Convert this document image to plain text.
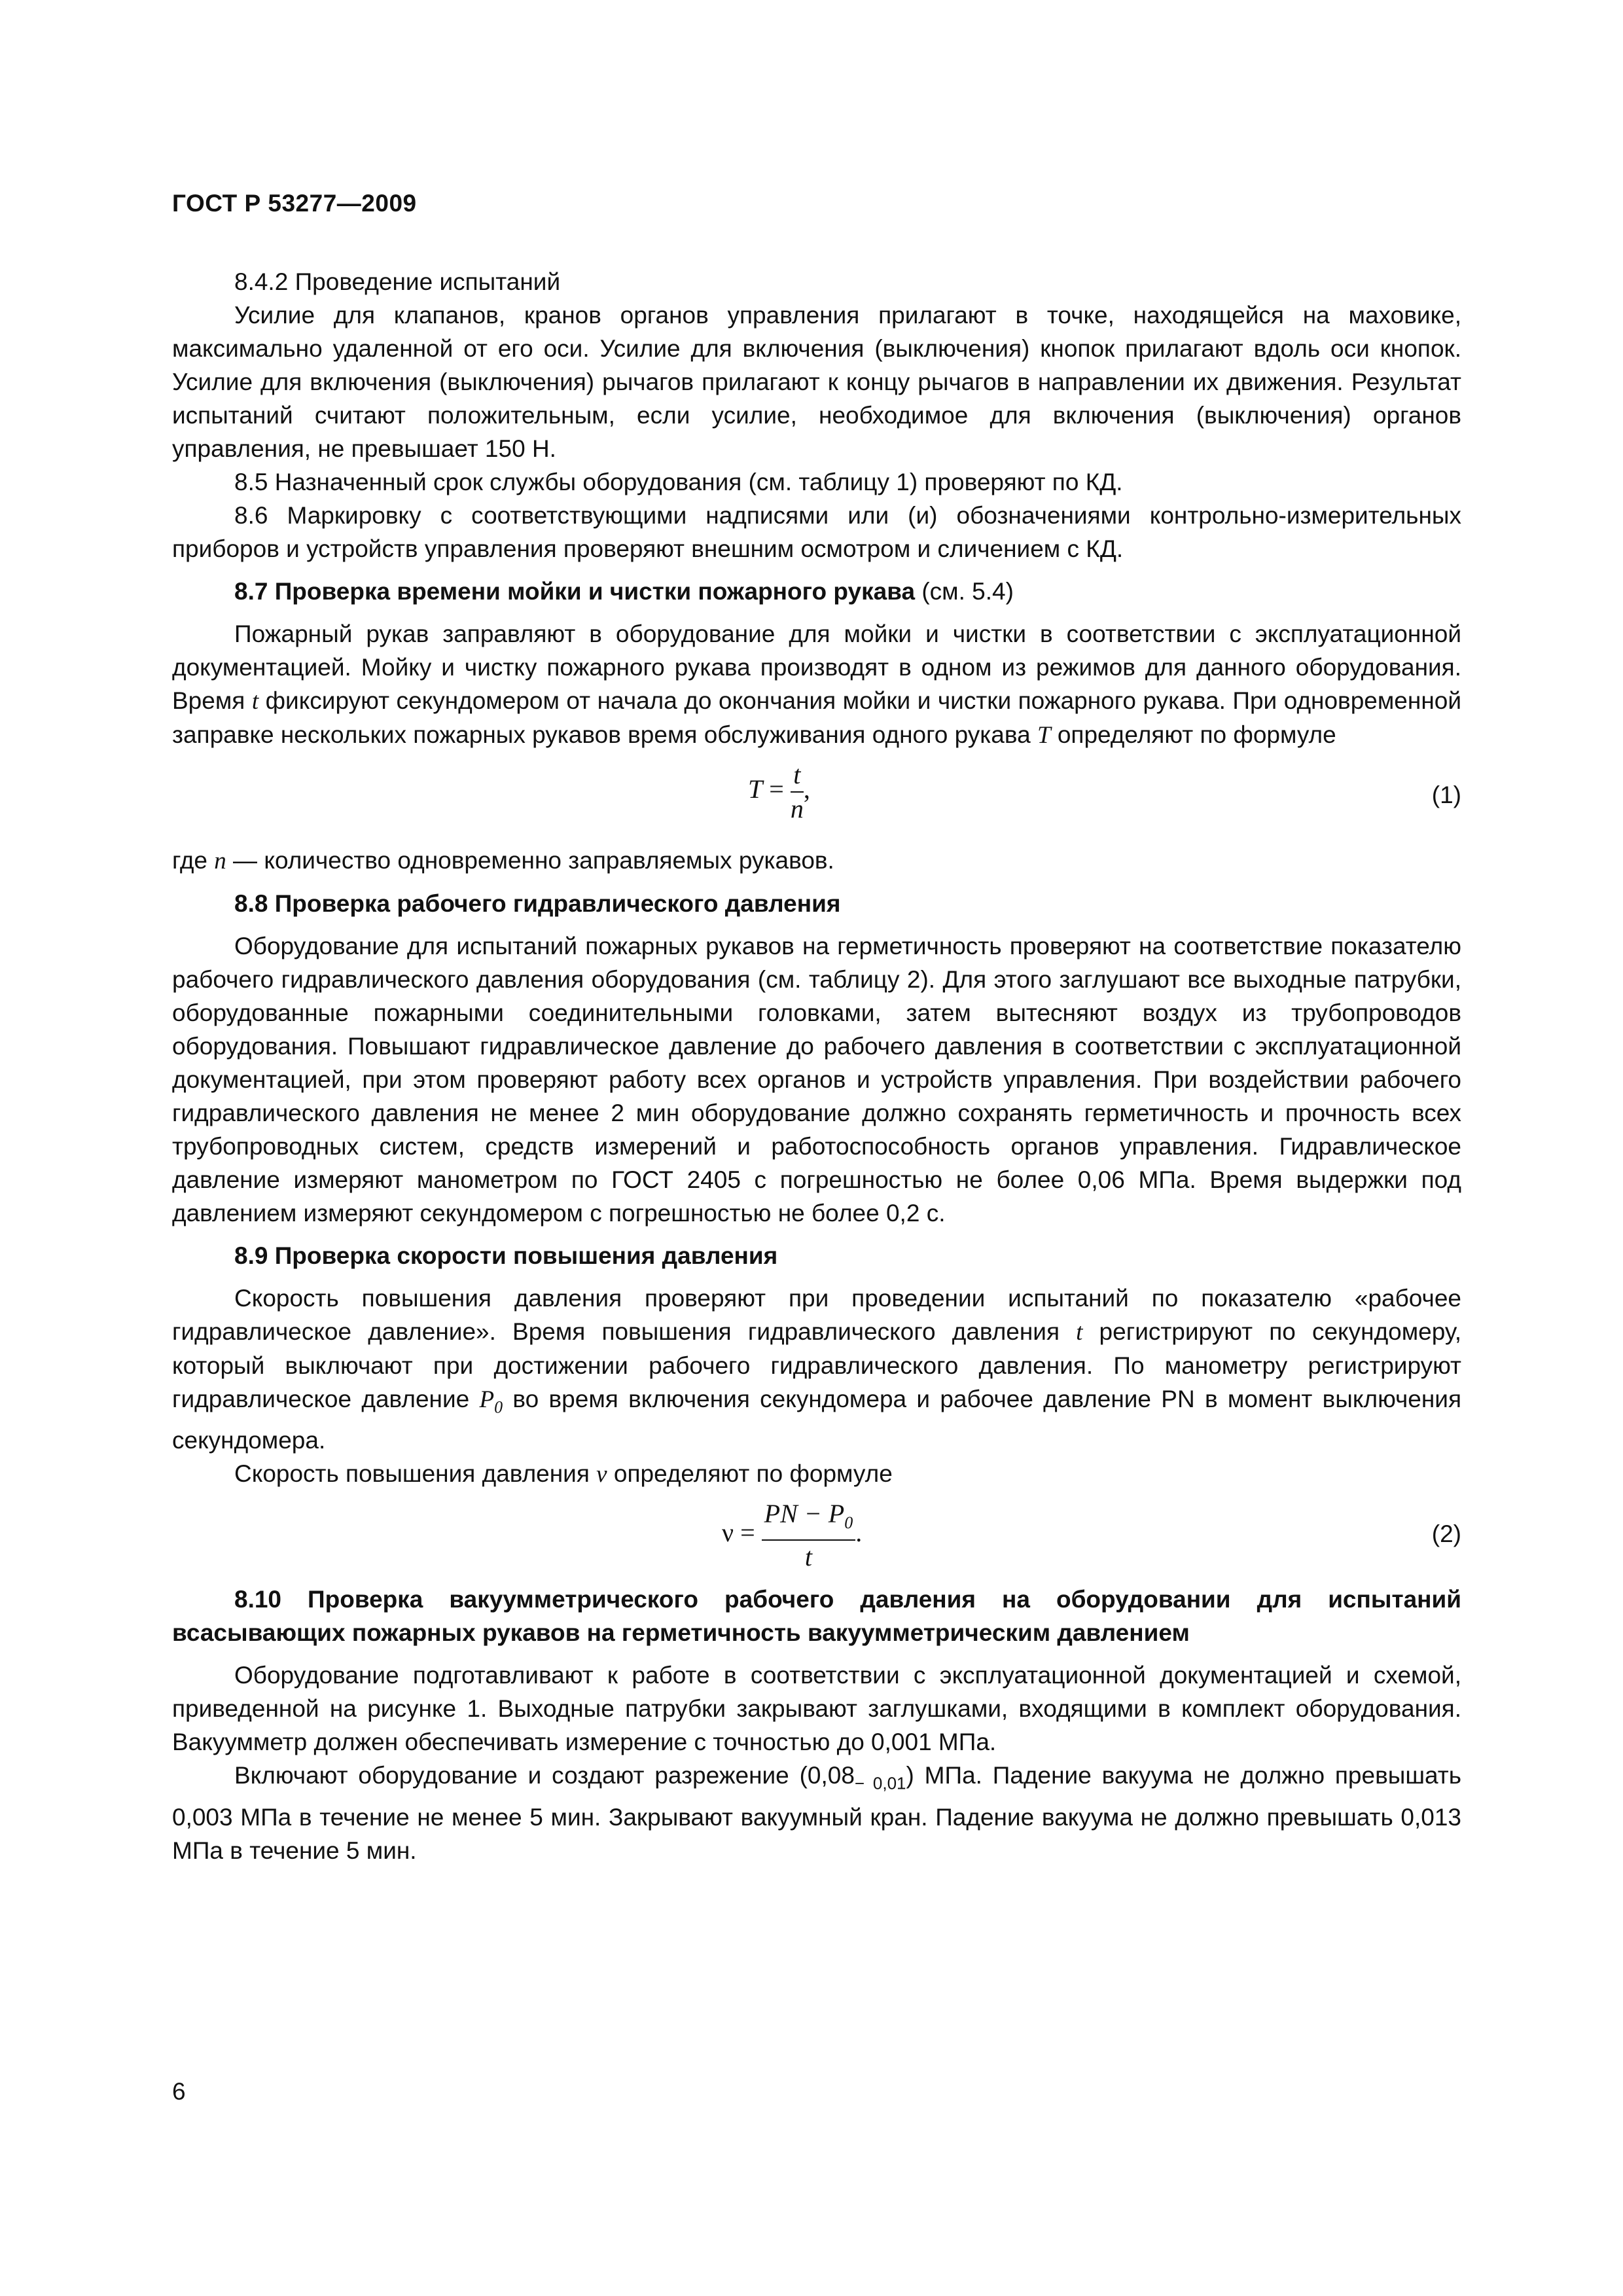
ГОСТ Р 53277—2009

8.4.2 Проведение испытаний

Усилие для клапанов, кранов органов управления прилагают в точке, находящейся на маховике, максимально удаленной от его оси. Усилие для включения (выключения) кнопок прилагают вдоль оси кнопок. Усилие для включения (выключения) рычагов прилагают к концу рычагов в направлении их движения. Результат испытаний считают положительным, если усилие, необходимое для включения (выключения) органов управления, не превышает 150 Н.

8.5 Назначенный срок службы оборудования (см. таблицу 1) проверяют по КД.

8.6 Маркировку с соответствующими надписями или (и) обозначениями контрольно-измерительных приборов и устройств управления проверяют внешним осмотром и сличением с КД.

8.7 Проверка времени мойки и чистки пожарного рукава (см. 5.4)

Пожарный рукав заправляют в оборудование для мойки и чистки в соответствии с эксплуатационной документацией. Мойку и чистку пожарного рукава производят в одном из режимов для данного оборудования. Время t фиксируют секундомером от начала до окончания мойки и чистки пожарного рукава. При одновременной заправке нескольких пожарных рукавов время обслуживания одного рукава T определяют по формуле

$T = \frac{t}{n}$ ,	(1)

где n — количество одновременно заправляемых рукавов.

8.8 Проверка рабочего гидравлического давления

Оборудование для испытаний пожарных рукавов на герметичность проверяют на соответствие показателю рабочего гидравлического давления оборудования (см. таблицу 2). Для этого заглушают все выходные патрубки, оборудованные пожарными соединительными головками, затем вытесняют воздух из трубопроводов оборудования. Повышают гидравлическое давление до рабочего давления в соответствии с эксплуатационной документацией, при этом проверяют работу всех органов и устройств управления. При воздействии рабочего гидравлического давления не менее 2 мин оборудование должно сохранять герметичность и прочность всех трубопроводных систем, средств измерений и работоспособность органов управления. Гидравлическое давление измеряют манометром по ГОСТ 2405 с погрешностью не более 0,06 МПа. Время выдержки под давлением измеряют секундомером с погрешностью не более 0,2 с.

8.9 Проверка скорости повышения давления

Скорость повышения давления проверяют при проведении испытаний по показателю «рабочее гидравлическое давление». Время повышения гидравлического давления t регистрируют по секундомеру, который выключают при достижении рабочего гидравлического давления. По манометру регистрируют гидравлическое давление $P_0$ во время включения секундомера и рабочее давление PN в момент выключения секундомера.

Скорость повышения давления ν определяют по формуле

$\nu = \frac{PN - P_0}{t}$ .	(2)

8.10 Проверка вакуумметрического рабочего давления на оборудовании для испытаний всасывающих пожарных рукавов на герметичность вакуумметрическим давлением

Оборудование подготавливают к работе в соответствии с эксплуатационной документацией и схемой, приведенной на рисунке 1. Выходные патрубки закрывают заглушками, входящими в комплект оборудования. Вакуумметр должен обеспечивать измерение с точностью до 0,001 МПа.

Включают оборудование и создают разрежение $(0,08_{- 0,01})$ МПа. Падение вакуума не должно превышать 0,003 МПа в течение не менее 5 мин. Закрывают вакуумный кран. Падение вакуума не должно превышать 0,013 МПа в течение 5 мин.

6
